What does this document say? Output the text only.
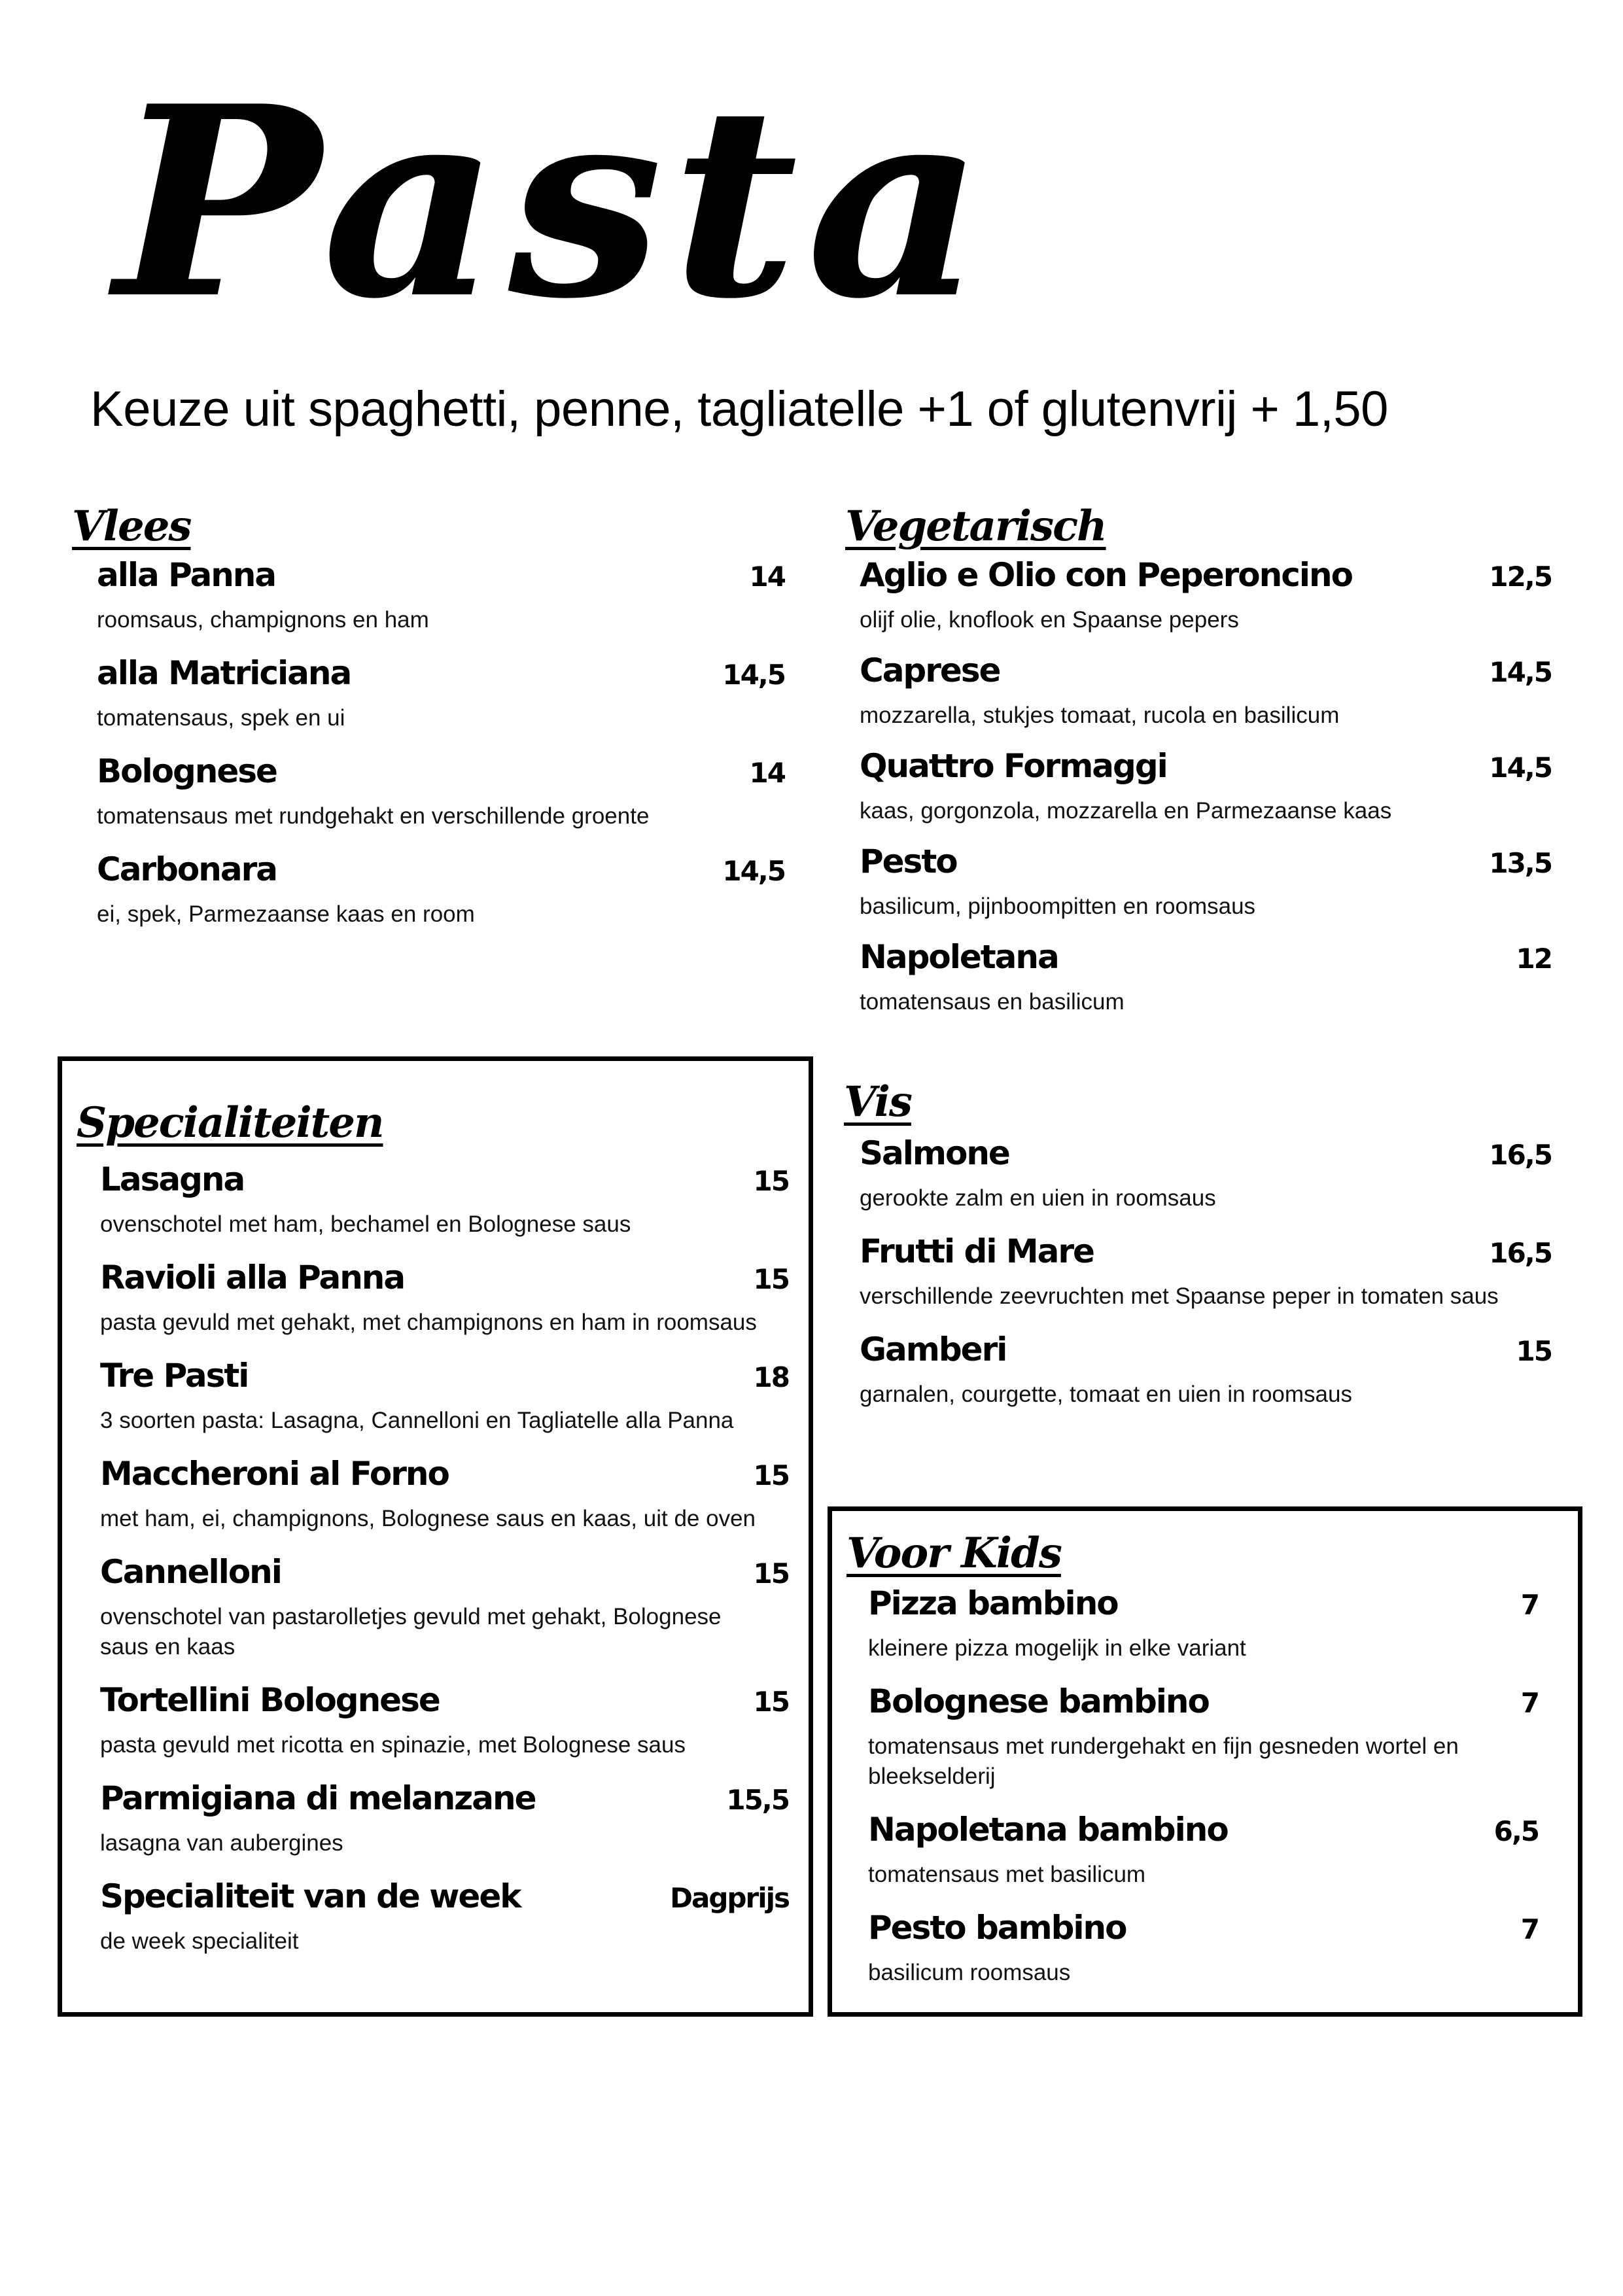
Pasta

Keuze uit spaghetti, penne, tagliatelle +1 of glutenvrij + 1,50

Vlees
alla Panna	14
roomsaus, champignons en ham
alla Matriciana	14,5
tomatensaus, spek en ui
Bolognese	14
tomatensaus met rundgehakt en verschillende groente
Carbonara	14,5
ei, spek, Parmezaanse kaas en room
Vegetarisch
Aglio e Olio con Peperoncino	12,5
olijf olie, knoflook en Spaanse pepers
Caprese	14,5
mozzarella, stukjes tomaat, rucola en basilicum
Quattro Formaggi	14,5
kaas, gorgonzola, mozzarella en Parmezaanse kaas
Pesto	13,5
basilicum, pijnboompitten en roomsaus
Napoletana	12
tomatensaus en basilicum
Specialiteiten
Lasagna	15
ovenschotel met ham, bechamel en Bolognese saus
Ravioli alla Panna	15
pasta gevuld met gehakt, met champignons en ham in roomsaus
Tre Pasti	18
3 soorten pasta: Lasagna, Cannelloni en Tagliatelle alla Panna
Maccheroni al Forno	15
met ham, ei, champignons, Bolognese saus en kaas, uit de oven
Cannelloni	15
ovenschotel van pastarolletjes gevuld met gehakt, Bolognese saus en kaas
Tortellini Bolognese	15
pasta gevuld met ricotta en spinazie, met Bolognese saus
Parmigiana di melanzane	15,5
lasagna van aubergines
Specialiteit van de week	Dagprijs
de week specialiteit
Vis
Salmone	16,5
gerookte zalm en uien in roomsaus
Frutti di Mare	16,5
verschillende zeevruchten met Spaanse peper in tomaten saus
Gamberi	15
garnalen, courgette, tomaat en uien in roomsaus
Voor Kids
Pizza bambino	7
kleinere pizza mogelijk in elke variant
Bolognese bambino	7
tomatensaus met rundergehakt en fijn gesneden wortel en bleekselderij
Napoletana bambino	6,5
tomatensaus met basilicum
Pesto bambino	7
basilicum roomsaus
